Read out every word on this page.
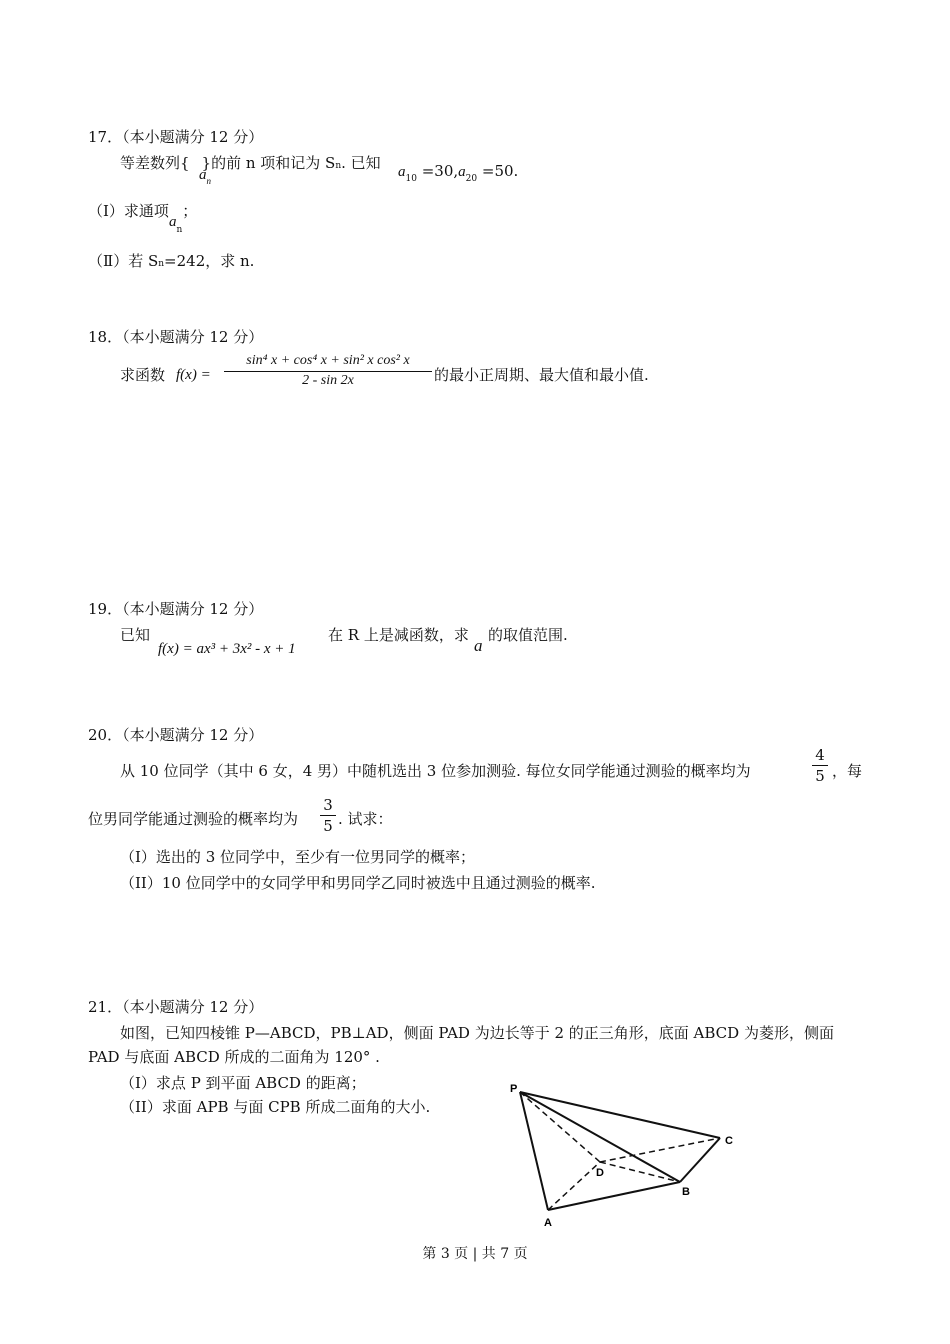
17．（本小题满分 12 分）
等差数列{ }的前 n 项和记为 Sn. 已知
$a_n$
$a_{10} =30,a_{20} =50$.
（Ⅰ）求通项$a_n$；
（Ⅱ）若 Sn=242，求 n.
18．（本小题满分 12 分）
求函数 f(x) =
sin⁴ x + cos⁴ x + sin² x cos² x
2 - sin 2x	的最小正周期、最大值和最小值.
19．（本小题满分 12 分）
已知
f(x) = ax³ + 3x² - x + 1
在 R 上是减函数，求
a
的取值范围.
20．（本小题满分 12 分）
从 10 位同学（其中 6 女，4 男）中随机选出 3 位参加测验. 每位女同学能通过测验的概率均为
4
5 ，每
位男同学能通过测验的概率均为
3
5 . 试求：
（I）选出的 3 位同学中，至少有一位男同学的概率；
（II）10 位同学中的女同学甲和男同学乙同时被选中且通过测验的概率.
21．（本小题满分 12 分）
如图，已知四棱锥 P—ABCD，PB⊥AD，侧面 PAD 为边长等于 2 的正三角形，底面 ABCD 为菱形，侧面
PAD 与底面 ABCD 所成的二面角为 120° .
（I）求点 P 到平面 ABCD 的距离；
（II）求面 APB 与面 CPB 所成二面角的大小.
P
A
B
C
D
第 3 页 | 共 7 页
